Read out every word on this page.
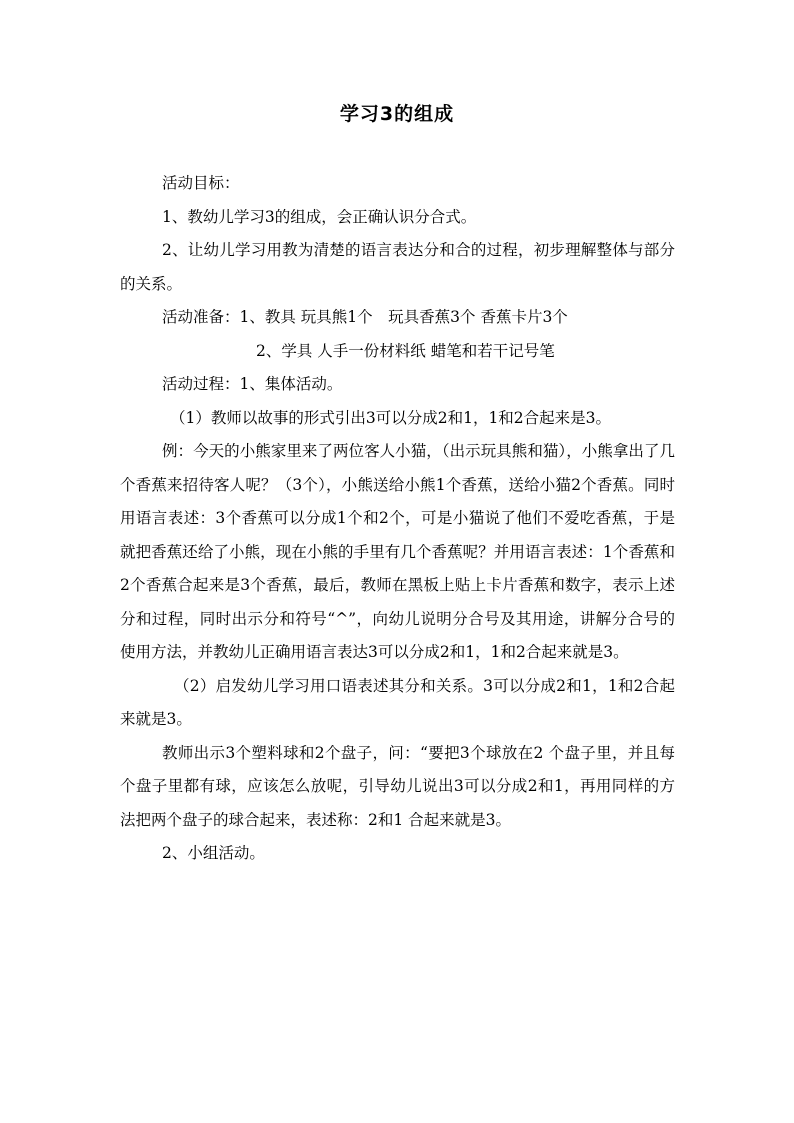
学习3的组成

活动目标：

1、教幼儿学习3的组成，会正确认识分合式。

2、让幼儿学习用教为清楚的语言表达分和合的过程，初步理解整体与部分的关系。

活动准备：1、教具 玩具熊1个　玩具香蕉3个 香蕉卡片3个

2、学具 人手一份材料纸 蜡笔和若干记号笔

活动过程：1、集体活动。

（1）教师以故事的形式引出3可以分成2和1，1和2合起来是3。

例：今天的小熊家里来了两位客人小猫，（出示玩具熊和猫），小熊拿出了几个香蕉来招待客人呢？（3个），小熊送给小熊1个香蕉，送给小猫2个香蕉。同时用语言表述：3个香蕉可以分成1个和2个，可是小猫说了他们不爱吃香蕉，于是就把香蕉还给了小熊，现在小熊的手里有几个香蕉呢？并用语言表述：1个香蕉和2个香蕉合起来是3个香蕉，最后，教师在黑板上贴上卡片香蕉和数字，表示上述分和过程，同时出示分和符号“^”，向幼儿说明分合号及其用途，讲解分合号的使用方法，并教幼儿正确用语言表达3可以分成2和1，1和2合起来就是3。

（2）启发幼儿学习用口语表述其分和关系。3可以分成2和1，1和2合起来就是3。

教师出示3个塑料球和2个盘子，问：“要把3个球放在2 个盘子里，并且每个盘子里都有球，应该怎么放呢，引导幼儿说出3可以分成2和1，再用同样的方法把两个盘子的球合起来，表述称：2和1 合起来就是3。

2、小组活动。
